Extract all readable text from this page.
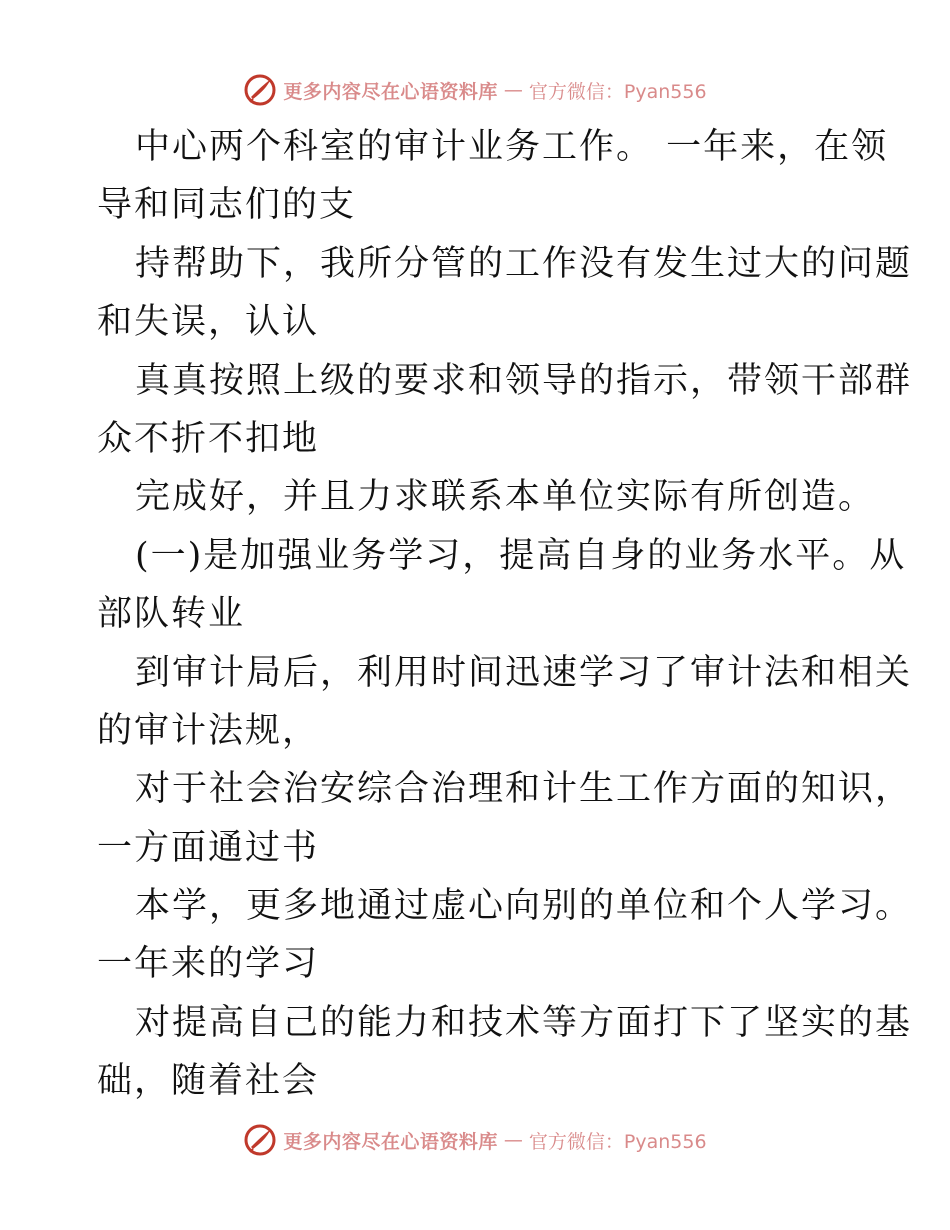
更多内容尽在心语资料库 — 官方微信：Pyan556
中心两个科室的审计业务工作。 一年来，在领
导和同志们的支
持帮助下，我所分管的工作没有发生过大的问题
和失误，认认
真真按照上级的要求和领导的指示，带领干部群
众不折不扣地
完成好，并且力求联系本单位实际有所创造。
(一)是加强业务学习，提高自身的业务水平。从
部队转业
到审计局后，利用时间迅速学习了审计法和相关
的审计法规，
对于社会治安综合治理和计生工作方面的知识，
一方面通过书
本学，更多地通过虚心向别的单位和个人学习。
一年来的学习
对提高自己的能力和技术等方面打下了坚实的基
础，随着社会
更多内容尽在心语资料库 — 官方微信：Pyan556
